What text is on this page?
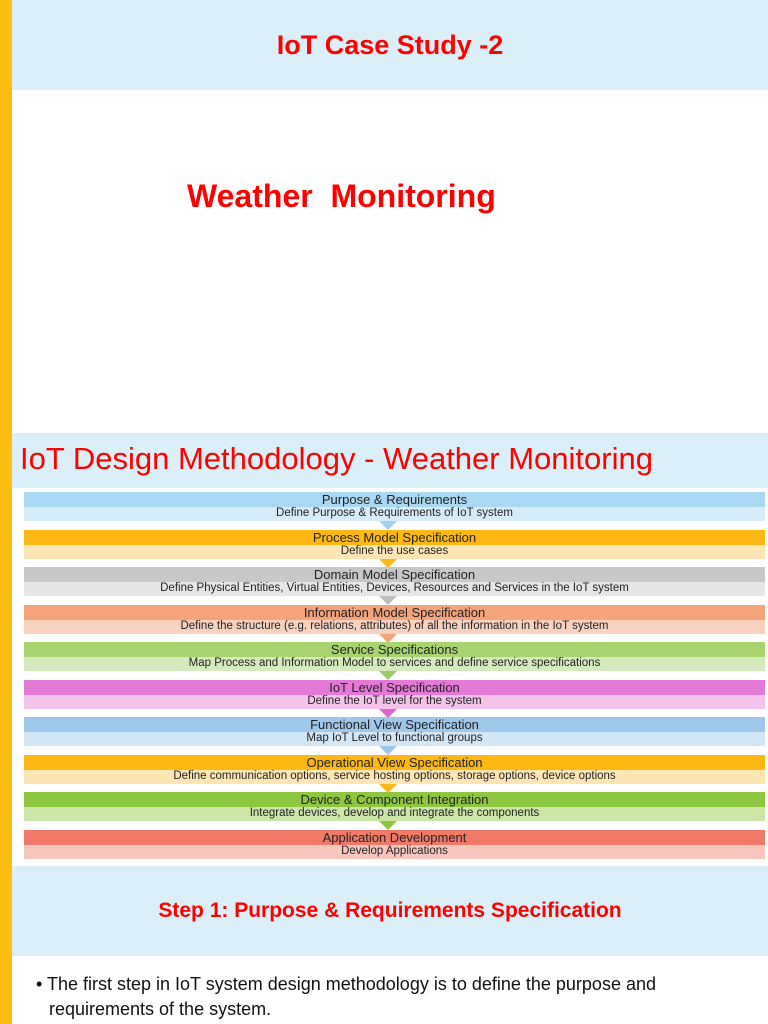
IoT Case Study -2
Weather  Monitoring
IoT Design Methodology - Weather Monitoring
Purpose & Requirements
Define Purpose & Requirements of IoT system
Process Model Specification
Define the use cases
Domain Model Specification
Define Physical Entities, Virtual Entities, Devices, Resources and Services in the IoT system
Information Model Specification
Define the structure (e.g. relations, attributes) of all the information in the IoT system
Service Specifications
Map Process and Information Model to services and define service specifications
IoT Level Specification
Define the IoT level for the system
Functional View Specification
Map IoT Level to functional groups
Operational View Specification
Define communication options, service hosting options, storage options, device options
Device & Component Integration
Integrate devices, develop and integrate the components
Application Development
Develop Applications
Step 1: Purpose & Requirements Specification
• The first step in IoT system design methodology is to define the purpose and requirements of the system.
